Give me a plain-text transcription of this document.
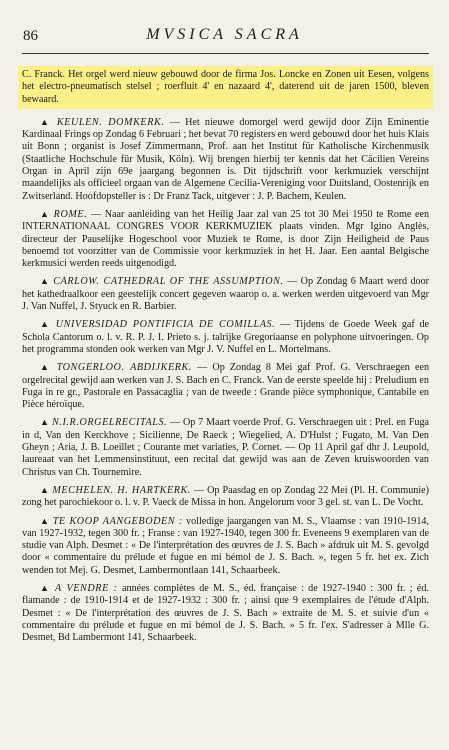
86	MVSICA SACRA

C. Franck. Het orgel werd nieuw gebouwd door de firma Jos. Loncke en Zonen uit Eesen, volgens het electro-pneumatisch stelsel ; roerfluit 4' en nazaard 4', daterend uit de jaren 1500, bleven bewaard.

▲ KEULEN. DOMKERK. — Het nieuwe domorgel werd gewijd door Zijn Eminentie Kardinaal Frings op Zondag 6 Februari ; het bevat 70 registers en werd gebouwd door het huis Klais uit Bonn ; organist is Josef Zimmermann, Prof. aan het Institut für Katholische Kirchenmusik (Staatliche Hochschule für Musik, Köln). Wij brengen hierbij ter kennis dat het Cäcilien Vereins Organ in April zijn 69e jaargang begonnen is. Dit tijdschrift voor kerkmuziek verschijnt maandelijks als officieel orgaan van de Algemene Cecilia-Vereniging voor Duitsland, Oostenrijk en Zwitserland. Hoofdopsteller is : Dr Franz Tack, uitgever : J. P. Bachem, Keulen.

▲ ROME. — Naar aanleiding van het Heilig Jaar zal van 25 tot 30 Mei 1950 te Rome een INTERNATIONAAL CONGRES VOOR KERKMUZIEK plaats vinden. Mgr Igino Anglès, directeur der Pauselijke Hogeschool voor Muziek te Rome, is door Zijn Heiligheid de Paus benoemd tot voorzitter van de Commissie voor kerkmuziek in het H. Jaar. Een aantal Belgische kerkmusici werden reeds uitgenodigd.

▲ CARLOW. CATHEDRAL OF THE ASSUMPTION. — Op Zondag 6 Maart werd door het kathedraalkoor een geestelijk concert gegeven waarop o. a. werken werden uitgevoerd van Mgr J. Van Nuffel, J. Styuck en R. Barbier.

▲ UNIVERSIDAD PONTIFICIA DE COMILLAS. — Tijdens de Goede Week gaf de Schola Cantorum o. l. v. R. P. J. I. Prieto s. j. talrijke Gregoriaanse en polyphone uitvoeringen. Op het programma stonden ook werken van Mgr J. V. Nuffel en L. Mortelmans.

▲ TONGERLOO. ABDIJKERK. — Op Zondag 8 Mei gaf Prof. G. Verschraegen een orgelrecital gewijd aan werken van J. S. Bach en C. Franck. Van de eerste speelde hij : Preludium en Fuga in re gr., Pastorale en Passacaglia ; van de tweede : Grande pièce symphonique, Cantabile en Pièce héroïque.

▲ N.I.R.ORGELRECITALS. — Op 7 Maart voerde Prof. G. Verschraegen uit : Prel. en Fuga in d, Van den Kerckhove ; Sicilienne, De Raeck ; Wiegelied, A. D'Hulst ; Fugato, M. Van Den Gheyn ; Aria, J. B. Loeillet ; Courante met variaties, P. Cornet. — Op 11 April gaf dhr J. Leupold, laureaat van het Lemmensinstituut, een recital dat gewijd was aan de Zeven kruiswoorden van Christus van Ch. Tournemire.

▲ MECHELEN. H. HARTKERK. — Op Paasdag en op Zondag 22 Mei (Pl. H. Communie) zong het parochiekoor o. l. v. P. Vaeck de Missa in hon. Angelorum voor 3 gel. st. van L. De Vocht.

▲ TE KOOP AANGEBODEN : volledige jaargangen van M. S., Vlaamse : van 1910-1914, van 1927-1932, tegen 300 fr. ; Franse : van 1927-1940, tegen 300 fr. Eveneens 9 exemplaren van de studie van Alph. Desmet : « De l'interprétation des œuvres de J. S. Bach » afdruk uit M. S. gevolgd door « commentaire du prélude et fugue en mi bémol de J. S. Bach. », tegen 5 fr. het ex. Zich wenden tot Mej. G. Desmet, Lambermontlaan 141, Schaarbeek.

▲ A VENDRE : années complètes de M. S., éd. française : de 1927-1940 : 300 fr. ; éd. flamande : de 1910-1914 et de 1927-1932 : 300 fr. ; ainsi que 9 exemplaires de l'étude d'Alph. Desmet : « De l'interprétation des œuvres de J. S. Bach » extraite de M. S. et suivie d'un « commentaire du prélude et fugue en mi bémol de J. S. Bach. » 5 fr. l'ex. S'adresser à Mlle G. Desmet, Bd Lambermont 141, Schaarbeek.
